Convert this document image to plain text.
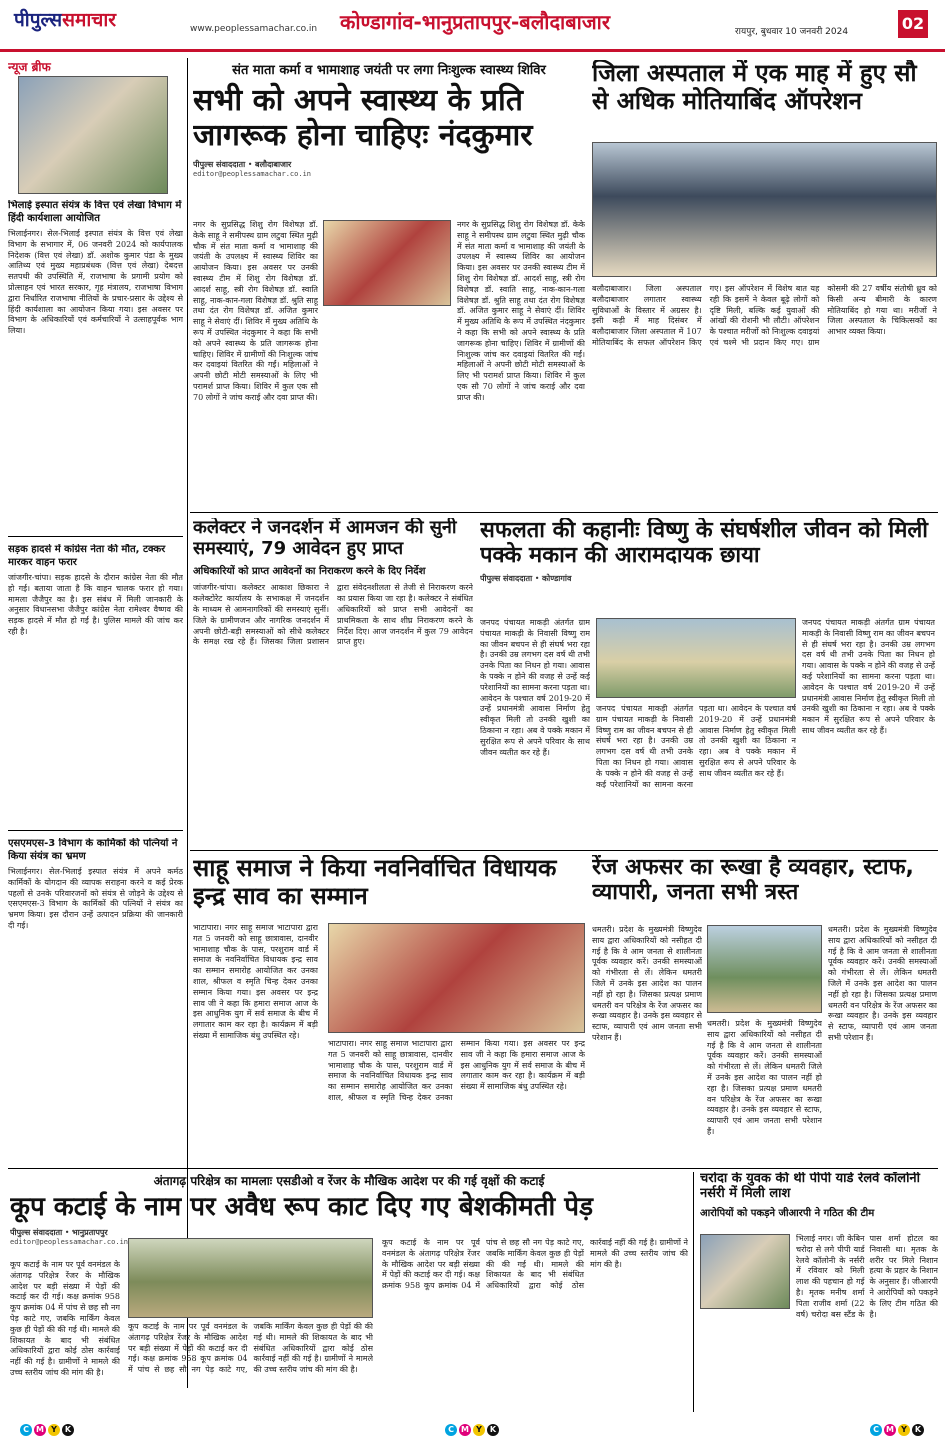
पीपुल्ससमाचार	www.peoplessamachar.co.in कोण्डागांव-भानुप्रतापपुर-बलौदाबाजार	रायपुर, बुधवार 10 जनवरी 2024	02
न्यूज ब्रीफ
भिलाई इस्पात संयंत्र के वित्त एवं लेखा विभाग में हिंदी कार्यशाला आयोजित
भिलाईनगर। सेल-भिलाई इस्पात संयंत्र के वित्त एवं लेखा विभाग के सभागार में, 06 जनवरी 2024 को कार्यपालक निदेशक (वित्त एवं लेखा) डॉ. अशोक कुमार पंडा के मुख्य आतिथ्य एवं मुख्य महाप्रबंधक (वित्त एवं लेखा) देबदत्त सतपथी की उपस्थिति में, राजभाषा के प्रगामी प्रयोग को प्रोत्साहन एवं भारत सरकार, गृह मंत्रालय, राजभाषा विभाग द्वारा निर्धारित राजभाषा नीतियों के प्रचार-प्रसार के उद्देश्य से हिंदी कार्यशाला का आयोजन किया गया। इस अवसर पर विभाग के अधिकारियों एवं कर्मचारियों ने उत्साहपूर्वक भाग लिया।
सड़क हादसे में कांग्रेस नेता की मौत, टक्कर मारकर वाहन फरार
जांजगीर-चांपा। सड़क हादसे के दौरान कांग्रेस नेता की मौत हो गई। बताया जाता है कि वाहन चालक फरार हो गया। मामला जैजैपुर का है। इस संबंध में मिली जानकारी के अनुसार विधानसभा जैजैपुर कांग्रेस नेता रामेश्वर वैष्णव की सड़क हादसे में मौत हो गई है। पुलिस मामले की जांच कर रही है।
एसएमएस-3 विभाग के कार्मिकों की पत्नियों ने किया संयंत्र का भ्रमण
भिलाईनगर। सेल-भिलाई इस्पात संयंत्र में अपने कर्मठ कार्मिकों के योगदान की व्यापक सराहना करने व कई प्रेरक पहलों से उनके परिवारजनों को संयंत्र से जोड़ने के उद्देश्य से एसएमएस-3 विभाग के कार्मिकों की पत्नियों ने संयंत्र का भ्रमण किया। इस दौरान उन्हें उत्पादन प्रक्रिया की जानकारी दी गई।
संत माता कर्मा व भामाशाह जयंती पर लगा निःशुल्क स्वास्थ्य शिविर
सभी को अपने स्वास्थ्य के प्रति जागरूक होना चाहिएः नंदकुमार
पीपुल्स संवाददाता • बलौदाबाजार
editor@peoplessamachar.co.in
नगर के सुप्रसिद्ध शिशु रोग विशेषज्ञ डॉ. केके साहू ने समीपस्थ ग्राम लटुवा स्थित मुढ़ी चौक में संत माता कर्मा व भामाशाह की जयंती के उपलक्ष्य में स्वास्थ्य शिविर का आयोजन किया। इस अवसर पर उनकी स्वास्थ्य टीम में शिशु रोग विशेषज्ञ डॉ. आदर्श साहू, स्त्री रोग विशेषज्ञ डॉ. स्वाति साहू, नाक-कान-गला विशेषज्ञ डॉ. श्रुति साहू तथा दंत रोग विशेषज्ञ डॉ. अजित कुमार साहू ने सेवाएं दीं। शिविर में मुख्य अतिथि के रूप में उपस्थित नंदकुमार ने कहा कि सभी को अपने स्वास्थ्य के प्रति जागरूक होना चाहिए। शिविर में ग्रामीणों की निःशुल्क जांच कर दवाइयां वितरित की गईं। महिलाओं ने अपनी छोटी मोटी समस्याओं के लिए भी परामर्श प्राप्त किया। शिविर में कुल एक सौ 70 लोगों ने जांच कराई और दवा प्राप्त की।
नगर के सुप्रसिद्ध शिशु रोग विशेषज्ञ डॉ. केके साहू ने समीपस्थ ग्राम लटुवा स्थित मुढ़ी चौक में संत माता कर्मा व भामाशाह की जयंती के उपलक्ष्य में स्वास्थ्य शिविर का आयोजन किया। इस अवसर पर उनकी स्वास्थ्य टीम में शिशु रोग विशेषज्ञ डॉ. आदर्श साहू, स्त्री रोग विशेषज्ञ डॉ. स्वाति साहू, नाक-कान-गला विशेषज्ञ डॉ. श्रुति साहू तथा दंत रोग विशेषज्ञ डॉ. अजित कुमार साहू ने सेवाएं दीं। शिविर में मुख्य अतिथि के रूप में उपस्थित नंदकुमार ने कहा कि सभी को अपने स्वास्थ्य के प्रति जागरूक होना चाहिए। शिविर में ग्रामीणों की निःशुल्क जांच कर दवाइयां वितरित की गईं। महिलाओं ने अपनी छोटी मोटी समस्याओं के लिए भी परामर्श प्राप्त किया। शिविर में कुल एक सौ 70 लोगों ने जांच कराई और दवा प्राप्त की।
जिला अस्पताल में एक माह में हुए सौ से अधिक मोतियाबिंद ऑपरेशन
बलौदाबाजार। जिला अस्पताल बलौदाबाजार लगातार स्वास्थ्य सुविधाओं के विस्तार में अग्रसर है। इसी कड़ी में माह दिसंबर में बलौदाबाजार जिला अस्पताल में 107 मोतियाबिंद के सफल ऑपरेशन किए गए। इस ऑपरेशन में विशेष बात यह रही कि इसमें ने केवल बूढ़े लोगों को दृष्टि मिली, बल्कि कई युवाओं की आंखों की रोशनी भी लौटी। ऑपरेशन के पश्चात मरीजों को निःशुल्क दवाइयां एवं चश्मे भी प्रदान किए गए। ग्राम कोसमी की 27 वर्षीय संतोषी ध्रुव को किसी अन्य बीमारी के कारण मोतियाबिंद हो गया था। मरीजों ने जिला अस्पताल के चिकित्सकों का आभार व्यक्त किया।
कलेक्टर ने जनदर्शन में आमजन की सुनी समस्याएं, 79 आवेदन हुए प्राप्त
अधिकारियों को प्राप्त आवेदनों का निराकरण करने के दिए निर्देश
जांजगीर-चांपा। कलेक्टर आकाश छिकारा ने कलेक्टोरेट कार्यालय के सभाकक्ष में जनदर्शन के माध्यम से आमनागरिकों की समस्याएं सुनीं। जिले के ग्रामीणजन और नागरिक जनदर्शन में अपनी छोटी-बड़ी समस्याओं को सीधे कलेक्टर के समक्ष रख रहे हैं। जिसका जिला प्रशासन द्वारा संवेदनशीलता से तेजी से निराकरण करने का प्रयास किया जा रहा है। कलेक्टर ने संबंधित अधिकारियों को प्राप्त सभी आवेदनों का प्राथमिकता के साथ शीघ्र निराकरण करने के निर्देश दिए। आज जनदर्शन में कुल 79 आवेदन प्राप्त हुए।
सफलता की कहानीः विष्णु के संघर्षशील जीवन को मिली पक्के मकान की आरामदायक छाया
पीपुल्स संवाददाता • कोण्डागांव
जनपद पंचायत माकड़ी अंतर्गत ग्राम पंचायत माकड़ी के निवासी विष्णु राम का जीवन बचपन से ही संघर्ष भरा रहा है। उनकी उम्र लगभग दस वर्ष थी तभी उनके पिता का निधन हो गया। आवास के पक्के न होने की वजह से उन्हें कई परेशानियों का सामना करना पड़ता था। आवेदन के पश्चात वर्ष 2019-20 में उन्हें प्रधानमंत्री आवास निर्माण हेतु स्वीकृत मिली तो उनकी खुशी का ठिकाना न रहा। अब वे पक्के मकान में सुरक्षित रूप से अपने परिवार के साथ जीवन व्यतीत कर रहे हैं।
जनपद पंचायत माकड़ी अंतर्गत ग्राम पंचायत माकड़ी के निवासी विष्णु राम का जीवन बचपन से ही संघर्ष भरा रहा है। उनकी उम्र लगभग दस वर्ष थी तभी उनके पिता का निधन हो गया। आवास के पक्के न होने की वजह से उन्हें कई परेशानियों का सामना करना पड़ता था। आवेदन के पश्चात वर्ष 2019-20 में उन्हें प्रधानमंत्री आवास निर्माण हेतु स्वीकृत मिली तो उनकी खुशी का ठिकाना न रहा। अब वे पक्के मकान में सुरक्षित रूप से अपने परिवार के साथ जीवन व्यतीत कर रहे हैं।
जनपद पंचायत माकड़ी अंतर्गत ग्राम पंचायत माकड़ी के निवासी विष्णु राम का जीवन बचपन से ही संघर्ष भरा रहा है। उनकी उम्र लगभग दस वर्ष थी तभी उनके पिता का निधन हो गया। आवास के पक्के न होने की वजह से उन्हें कई परेशानियों का सामना करना पड़ता था। आवेदन के पश्चात वर्ष 2019-20 में उन्हें प्रधानमंत्री आवास निर्माण हेतु स्वीकृत मिली तो उनकी खुशी का ठिकाना न रहा। अब वे पक्के मकान में सुरक्षित रूप से अपने परिवार के साथ जीवन व्यतीत कर रहे हैं।
साहू समाज ने किया नवनिर्वाचित विधायक इन्द्र साव का सम्मान
भाटापारा। नगर साहू समाज भाटापारा द्वारा गत 5 जनवरी को साहू छात्रावास, दानवीर भामाशाह चौक के पास, परशुराम वार्ड में समाज के नवनिर्वाचित विधायक इन्द्र साव का सम्मान समारोह आयोजित कर उनका शाल, श्रीफल व स्मृति चिन्ह देकर उनका सम्मान किया गया। इस अवसर पर इन्द्र साव जी ने कहा कि हमारा समाज आज के इस आधुनिक युग में सर्व समाज के बीच में लगातार काम कर रहा है। कार्यक्रम में बड़ी संख्या में सामाजिक बंधु उपस्थित रहे।
भाटापारा। नगर साहू समाज भाटापारा द्वारा गत 5 जनवरी को साहू छात्रावास, दानवीर भामाशाह चौक के पास, परशुराम वार्ड में समाज के नवनिर्वाचित विधायक इन्द्र साव का सम्मान समारोह आयोजित कर उनका शाल, श्रीफल व स्मृति चिन्ह देकर उनका सम्मान किया गया। इस अवसर पर इन्द्र साव जी ने कहा कि हमारा समाज आज के इस आधुनिक युग में सर्व समाज के बीच में लगातार काम कर रहा है। कार्यक्रम में बड़ी संख्या में सामाजिक बंधु उपस्थित रहे।
रेंज अफसर का रूखा है व्यवहार, स्टाफ, व्यापारी, जनता सभी त्रस्त
धमतरी। प्रदेश के मुख्यमंत्री विष्णुदेव साय द्वारा अधिकारियों को नसीहत दी गई है कि वे आम जनता से शालीनता पूर्वक व्यवहार करें। उनकी समस्याओं को गंभीरता से लें। लेकिन धमतरी जिले में उनके इस आदेश का पालन नहीं हो रहा है। जिसका प्रत्यक्ष प्रमाण धमतरी वन परिक्षेत्र के रेंज अफसर का रूखा व्यवहार है। उनके इस व्यवहार से स्टाफ, व्यापारी एवं आम जनता सभी परेशान हैं।
धमतरी। प्रदेश के मुख्यमंत्री विष्णुदेव साय द्वारा अधिकारियों को नसीहत दी गई है कि वे आम जनता से शालीनता पूर्वक व्यवहार करें। उनकी समस्याओं को गंभीरता से लें। लेकिन धमतरी जिले में उनके इस आदेश का पालन नहीं हो रहा है। जिसका प्रत्यक्ष प्रमाण धमतरी वन परिक्षेत्र के रेंज अफसर का रूखा व्यवहार है। उनके इस व्यवहार से स्टाफ, व्यापारी एवं आम जनता सभी परेशान हैं।
धमतरी। प्रदेश के मुख्यमंत्री विष्णुदेव साय द्वारा अधिकारियों को नसीहत दी गई है कि वे आम जनता से शालीनता पूर्वक व्यवहार करें। उनकी समस्याओं को गंभीरता से लें। लेकिन धमतरी जिले में उनके इस आदेश का पालन नहीं हो रहा है। जिसका प्रत्यक्ष प्रमाण धमतरी वन परिक्षेत्र के रेंज अफसर का रूखा व्यवहार है। उनके इस व्यवहार से स्टाफ, व्यापारी एवं आम जनता सभी परेशान हैं।
अंतागढ़ परिक्षेत्र का मामलाः एसडीओ व रेंजर के मौखिक आदेश पर की गई वृक्षों की कटाई
कूप कटाई के नाम पर अवैध रूप काट दिए गए बेशकीमती पेड़
पीपुल्स संवाददाता • भानुप्रतापपुर
editor@peoplessamachar.co.in
कूप कटाई के नाम पर पूर्व वनमंडल के अंतागढ़ परिक्षेत्र रेंजर के मौखिक आदेश पर बड़ी संख्या में पेड़ों की कटाई कर दी गई। कक्ष क्रमांक 958 कूप क्रमांक 04 में पांच से छह सौ नग पेड़ काटे गए, जबकि मार्किंग केवल कुछ ही पेड़ों की की गई थी। मामले की शिकायत के बाद भी संबंधित अधिकारियों द्वारा कोई ठोस कार्रवाई नहीं की गई है। ग्रामीणों ने मामले की उच्च स्तरीय जांच की मांग की है।
कूप कटाई के नाम पर पूर्व वनमंडल के अंतागढ़ परिक्षेत्र रेंजर के मौखिक आदेश पर बड़ी संख्या में पेड़ों की कटाई कर दी गई। कक्ष क्रमांक 958 कूप क्रमांक 04 में पांच से छह सौ नग पेड़ काटे गए, जबकि मार्किंग केवल कुछ ही पेड़ों की की गई थी। मामले की शिकायत के बाद भी संबंधित अधिकारियों द्वारा कोई ठोस कार्रवाई नहीं की गई है। ग्रामीणों ने मामले की उच्च स्तरीय जांच की मांग की है।
कूप कटाई के नाम पर पूर्व वनमंडल के अंतागढ़ परिक्षेत्र रेंजर के मौखिक आदेश पर बड़ी संख्या में पेड़ों की कटाई कर दी गई। कक्ष क्रमांक 958 कूप क्रमांक 04 में पांच से छह सौ नग पेड़ काटे गए, जबकि मार्किंग केवल कुछ ही पेड़ों की की गई थी। मामले की शिकायत के बाद भी संबंधित अधिकारियों द्वारा कोई ठोस कार्रवाई नहीं की गई है। ग्रामीणों ने मामले की उच्च स्तरीय जांच की मांग की है।
चरोदा के युवक की थी पीपी यार्ड रेलवे कॉलोनी नर्सरी में मिली लाश
आरोपियों को पकड़ने जीआरपी ने गठित की टीम
भिलाई नगर। जी केबिन चरोदा से लगे पीपी यार्ड रेलवे कॉलोनी के नर्सरी में रविवार को मिली लाश की पहचान हो गई है। मृतक मनीष शर्मा पिता राजीव शर्मा (22 वर्ष) चरोदा बस स्टैंड के पास शर्मा होटल का निवासी था। मृतक के शरीर पर मिले निशान हत्या के प्रहार के निशान के अनुसार हैं। जीआरपी ने आरोपियों को पकड़ने के लिए टीम गठित की है।
C M Y	K	C M Y	K	C M Y	K
